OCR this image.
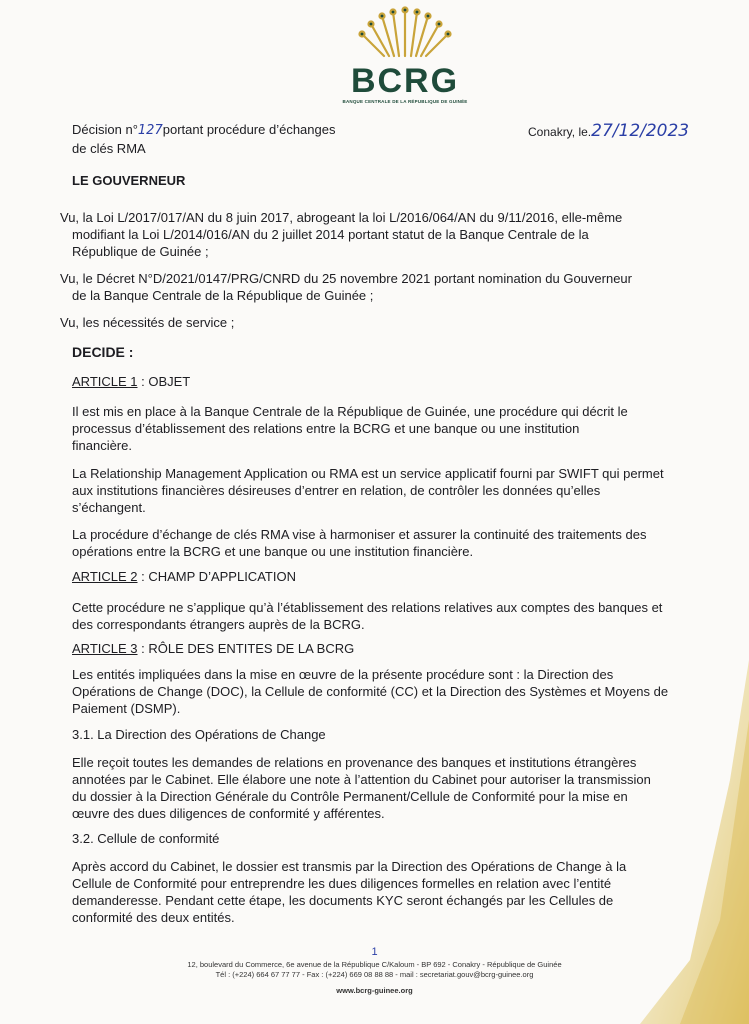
BCRG
BANQUE CENTRALE DE LA RÉPUBLIQUE DE GUINÉE
Décision n°127portant procédure d’échanges
de clés RMA
Conakry, le.27/12/2023
LE GOUVERNEUR
Vu, la Loi L/2017/017/AN du 8 juin 2017, abrogeant la loi L/2016/064/AN du 9/11/2016, elle-même
modifiant la Loi L/2014/016/AN du 2 juillet 2014 portant statut de la Banque Centrale de la
République de Guinée ;
Vu, le Décret N°D/2021/0147/PRG/CNRD du 25 novembre 2021 portant nomination du Gouverneur
de la Banque Centrale de la République de Guinée ;
Vu, les nécessités de service ;
DECIDE :
ARTICLE 1 : OBJET
Il est mis en place à la Banque Centrale de la République de Guinée, une procédure qui décrit le
processus d’établissement des relations entre la BCRG et une banque ou une institution
financière.
La Relationship Management Application ou RMA est un service applicatif fourni par SWIFT qui permet
aux institutions financières désireuses d’entrer en relation, de contrôler les données qu’elles
s’échangent.
La procédure d’échange de clés RMA vise à harmoniser et assurer la continuité des traitements des
opérations entre la BCRG et une banque ou une institution financière.
ARTICLE 2 : CHAMP D’APPLICATION
Cette procédure ne s’applique qu’à l’établissement des relations relatives aux comptes des banques et
des correspondants étrangers auprès de la BCRG.
ARTICLE 3 : RÔLE DES ENTITES DE LA BCRG
Les entités impliquées dans la mise en œuvre de la présente procédure sont : la Direction des
Opérations de Change (DOC), la Cellule de conformité (CC) et la Direction des Systèmes et Moyens de
Paiement (DSMP).
3.1. La Direction des Opérations de Change
Elle reçoit toutes les demandes de relations en provenance des banques et institutions étrangères
annotées par le Cabinet. Elle élabore une note à l’attention du Cabinet pour autoriser la transmission
du dossier à la Direction Générale du Contrôle Permanent/Cellule de Conformité pour la mise en
œuvre des dues diligences de conformité y afférentes.
3.2. Cellule de conformité
Après accord du Cabinet, le dossier est transmis par la Direction des Opérations de Change à la
Cellule de Conformité pour entreprendre les dues diligences formelles en relation avec l’entité
demanderesse. Pendant cette étape, les documents KYC seront échangés par les Cellules de
conformité des deux entités.
1
12, boulevard du Commerce, 6e avenue de la République C/Kaloum - BP 692 - Conakry - République de Guinée
Tél : (+224) 664 67 77 77 - Fax : (+224) 669 08 88 88 - mail : secretariat.gouv@bcrg-guinee.org
www.bcrg-guinee.org
